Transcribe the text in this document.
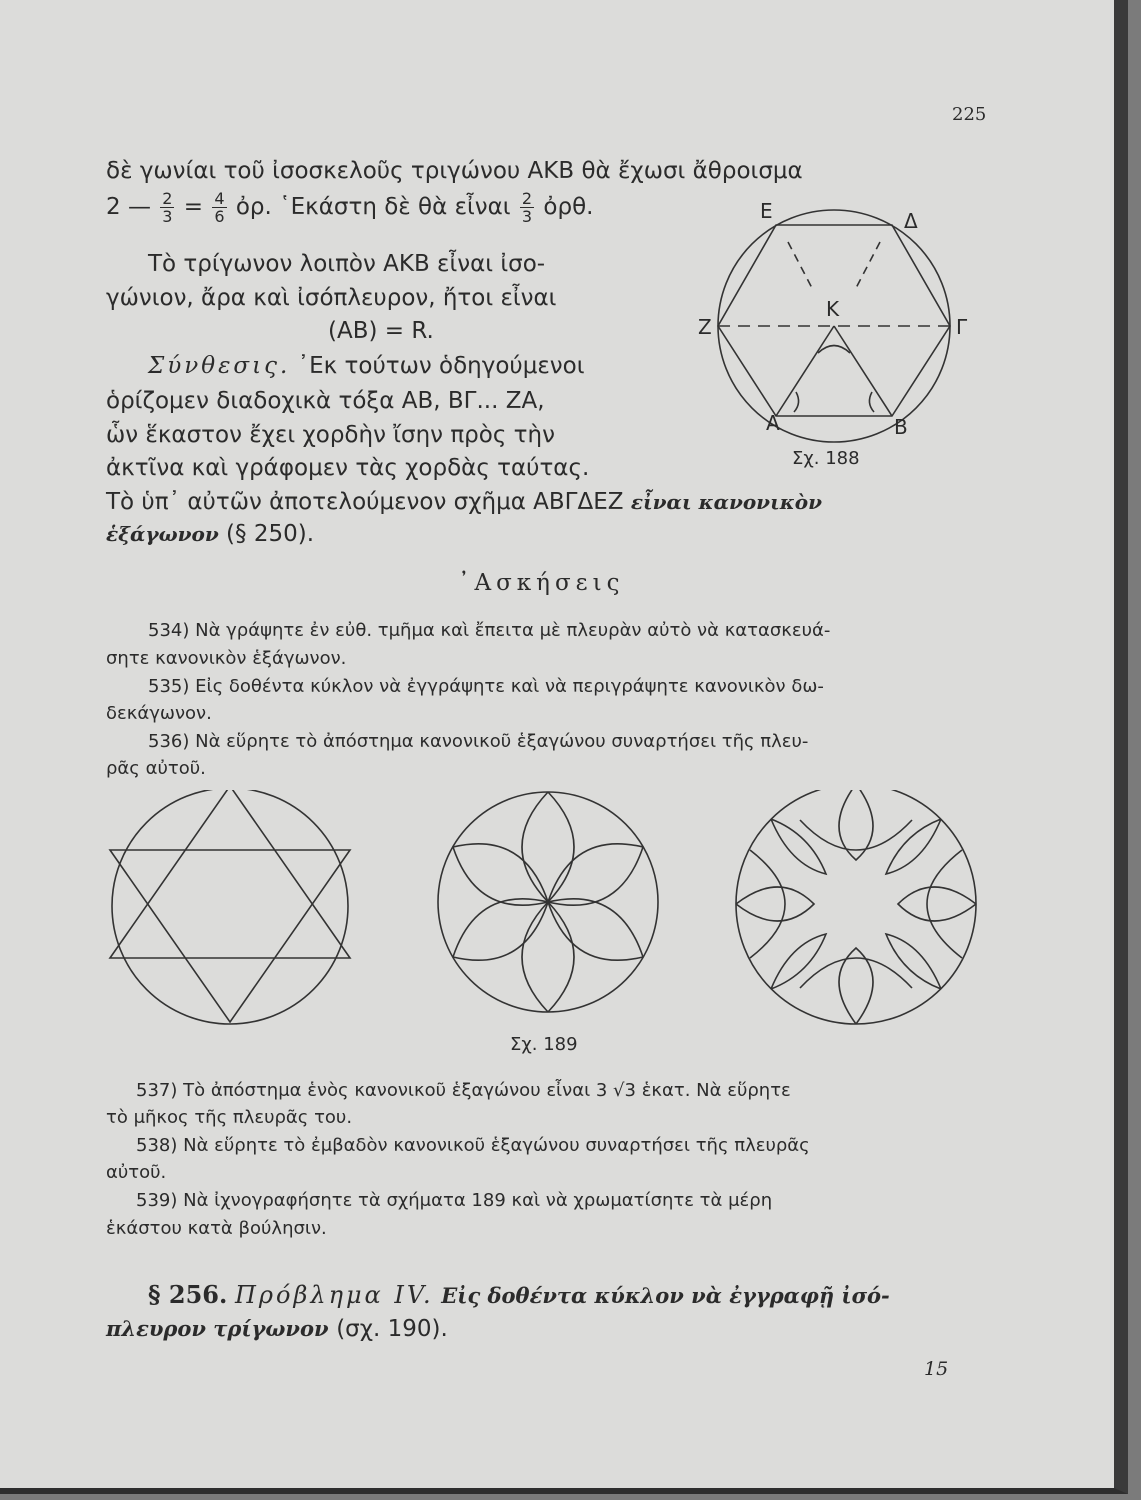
225
δὲ γωνίαι τοῦ ἰσοσκελοῦς τριγώνου ΑΚΒ θὰ ἔχωσι ἄθροισμα
2 — $\frac{2}{3} = \frac{4}{6}$ ὀρ. ῾Εκάστη δὲ θὰ εἶναι $\frac{2}{3}$ ὀρθ.
Τὸ τρίγωνον λοιπὸν ΑΚΒ εἶναι ἰσο-
γώνιον, ἄρα καὶ ἰσόπλευρον, ἤτοι εἶναι
(ΑΒ) = R.
Σύνθεσις. ᾿Εκ τούτων ὁδηγούμενοι
ὁρίζομεν διαδοχικὰ τόξα ΑΒ, ΒΓ... ΖΑ,
ὧν ἕκαστον ἔχει χορδὴν ἴσην πρὸς τὴν
ἀκτῖνα καὶ γράφομεν τὰς χορδὰς ταύτας.
Τὸ ὑπ᾿ αὐτῶν ἀποτελούμενον σχῆμα ΑΒΓΔΕΖ εἶναι κανονικὸν
ἑξάγωνον (§ 250).
Ε	Δ
Ζ	Γ
Κ
Α	Β
Σχ. 188
᾿Ασκήσεις
534) Νὰ γράψητε ἐν εὐθ. τμῆμα καὶ ἔπειτα μὲ πλευρὰν αὐτὸ νὰ κατασκευά-
σητε κανονικὸν ἑξάγωνον.
535) Εἰς δοθέντα κύκλον νὰ ἐγγράψητε καὶ νὰ περιγράψητε κανονικὸν δω-
δεκάγωνον.
536) Νὰ εὕρητε τὸ ἀπόστημα κανονικοῦ ἑξαγώνου συναρτήσει τῆς πλευ-
ρᾶς αὐτοῦ.
Σχ. 189
537) Τὸ ἀπόστημα ἑνὸς κανονικοῦ ἑξαγώνου εἶναι 3 √3 ἑκατ. Νὰ εὕρητε
τὸ μῆκος τῆς πλευρᾶς του.
538) Νὰ εὕρητε τὸ ἐμβαδὸν κανονικοῦ ἑξαγώνου συναρτήσει τῆς πλευρᾶς
αὐτοῦ.
539) Νὰ ἰχνογραφήσητε τὰ σχήματα 189 καὶ νὰ χρωματίσητε τὰ μέρη
ἑκάστου κατὰ βούλησιν.
§ 256. Πρόβλημα IV. Εἰς δοθέντα κύκλον νὰ ἐγγραφῇ ἰσό-
πλευρον τρίγωνον (σχ. 190).
15
